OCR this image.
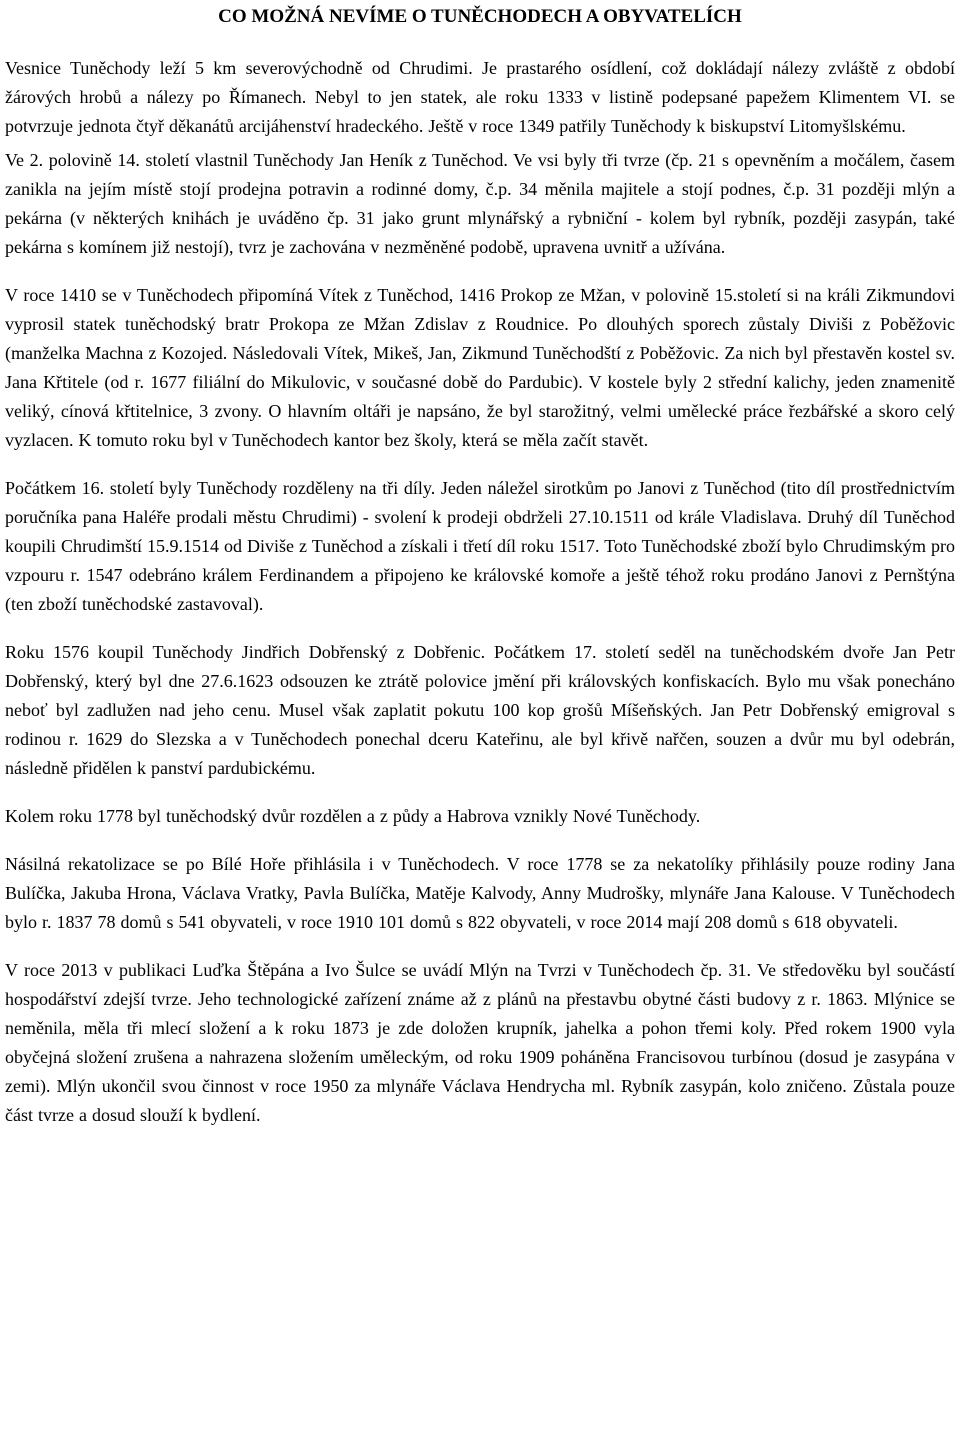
CO MOŽNÁ NEVÍME O TUNĚCHODECH A OBYVATELÍCH

Vesnice Tuněchody leží 5 km severovýchodně od Chrudimi. Je prastarého osídlení, což dokládají nálezy zvláště z období žárových hrobů a nálezy po Římanech. Nebyl to jen statek, ale roku 1333 v listině podepsané papežem Klimentem VI. se potvrzuje jednota čtyř děkanátů arcijáhenství hradeckého. Ještě v roce 1349 patřily Tuněchody k biskupství Litomyšlskému.

Ve 2. polovině 14. století vlastnil Tuněchody Jan Heník z Tuněchod. Ve vsi byly tři tvrze (čp. 21 s opevněním a močálem, časem zanikla na jejím místě stojí prodejna potravin a rodinné domy, č.p. 34 měnila majitele a stojí podnes, č.p. 31 později mlýn a pekárna (v některých knihách je uváděno čp. 31 jako grunt mlynářský a rybniční - kolem byl rybník, později zasypán, také pekárna s komínem již nestojí), tvrz je zachována v nezměněné podobě, upravena uvnitř a užívána.

V roce 1410 se v Tuněchodech připomíná Vítek z Tuněchod, 1416 Prokop ze Mžan, v polovině 15.století si na králi Zikmundovi vyprosil statek tuněchodský bratr Prokopa ze Mžan Zdislav z Roudnice. Po dlouhých sporech zůstaly Diviši z Poběžovic (manželka Machna z Kozojed. Následovali Vítek, Mikeš, Jan, Zikmund Tuněchodští z Poběžovic. Za nich byl přestavěn kostel sv. Jana Křtitele (od r. 1677 filiální do Mikulovic, v současné době do Pardubic). V kostele byly 2 střední kalichy, jeden znamenitě veliký, cínová křtitelnice, 3 zvony. O hlavním oltáři je napsáno, že byl starožitný, velmi umělecké práce řezbářské a skoro celý vyzlacen. K tomuto roku byl v Tuněchodech kantor bez školy, která se měla začít stavět.

Počátkem 16. století byly Tuněchody rozděleny na tři díly. Jeden náležel sirotkům po Janovi z Tuněchod (tito díl prostřednictvím poručníka pana Haléře prodali městu Chrudimi) - svolení k prodeji obdrželi 27.10.1511 od krále Vladislava. Druhý díl Tuněchod koupili Chrudimští 15.9.1514 od Diviše z Tuněchod a získali i třetí díl roku 1517. Toto Tuněchodské zboží bylo Chrudimským pro vzpouru r. 1547 odebráno králem Ferdinandem a připojeno ke královské komoře a ještě téhož roku prodáno Janovi z Pernštýna (ten zboží tuněchodské zastavoval).

Roku 1576 koupil Tuněchody Jindřich Dobřenský z Dobřenic. Počátkem 17. století seděl na tuněchodském dvoře Jan Petr Dobřenský, který byl dne 27.6.1623 odsouzen ke ztrátě polovice jmění při královských konfiskacích. Bylo mu však ponecháno neboť byl zadlužen nad jeho cenu. Musel však zaplatit pokutu 100 kop grošů Míšeňských. Jan Petr Dobřenský emigroval s rodinou r. 1629 do Slezska a v Tuněchodech ponechal dceru Kateřinu, ale byl křivě nařčen, souzen a dvůr mu byl odebrán, následně přidělen k panství pardubickému.

Kolem roku 1778 byl tuněchodský dvůr rozdělen a z půdy a Habrova vznikly Nové Tuněchody.

Násilná rekatolizace se po Bílé Hoře přihlásila i v Tuněchodech. V roce 1778 se za nekatolíky přihlásily pouze rodiny Jana Bulíčka, Jakuba Hrona, Václava Vratky, Pavla Bulíčka, Matěje Kalvody, Anny Mudrošky, mlynáře Jana Kalouse. V Tuněchodech bylo r. 1837 78 domů s 541 obyvateli, v roce 1910 101 domů s 822 obyvateli, v roce 2014 mají 208 domů s 618 obyvateli.

V roce 2013 v publikaci Luďka Štěpána a Ivo Šulce se uvádí Mlýn na Tvrzi v Tuněchodech čp. 31. Ve středověku byl součástí hospodářství zdejší tvrze. Jeho technologické zařízení známe až z plánů na přestavbu obytné části budovy z r. 1863. Mlýnice se neměnila, měla tři mlecí složení a k roku 1873 je zde doložen krupník, jahelka a pohon třemi koly. Před rokem 1900 vyla obyčejná složení zrušena a nahrazena složením uměleckým, od roku 1909 poháněna Francisovou turbínou (dosud je zasypána v zemi). Mlýn ukončil svou činnost v roce 1950 za mlynáře Václava Hendrycha ml. Rybník zasypán, kolo zničeno. Zůstala pouze část tvrze a dosud slouží k bydlení.
